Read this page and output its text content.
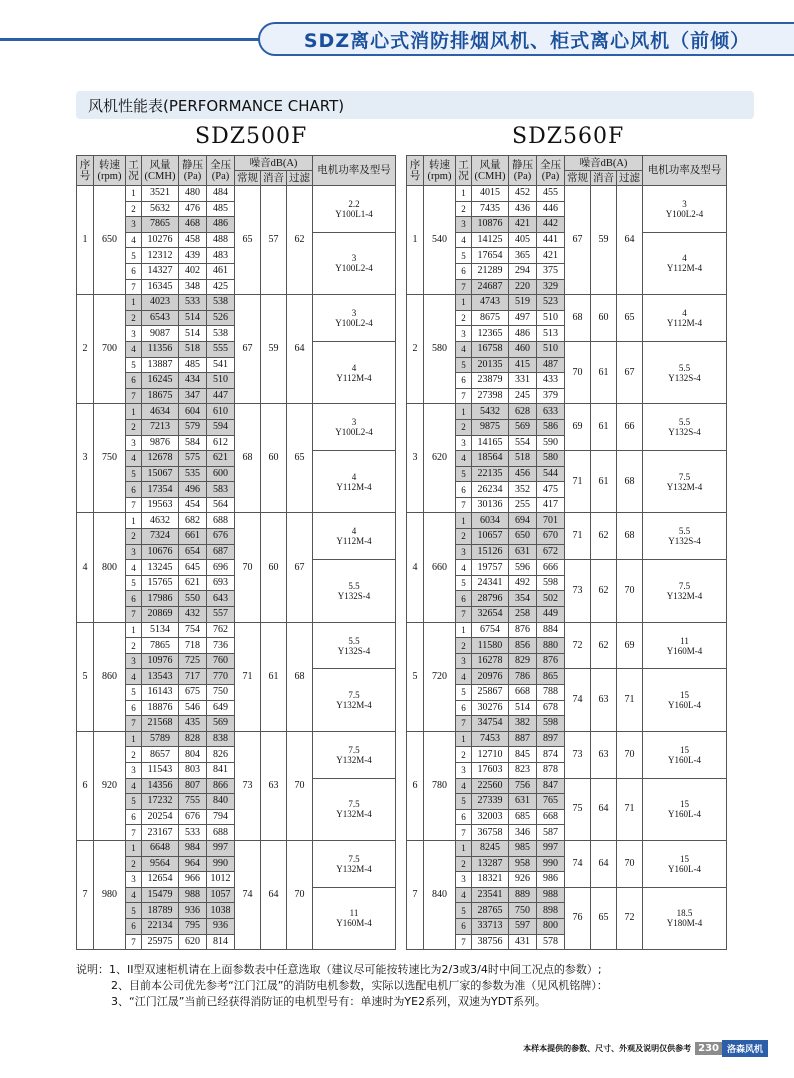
SDZ离心式消防排烟风机、柜式离心风机（前倾）
风机性能表(PERFORMANCE CHART)
SDZ500F	SDZ560F
序号	转速(rpm)	工况	风量(CMH)	静压(Pa)	全压(Pa)	噪音dB(A)			电机功率及型号
						常规	消音	过滤	
1	650	1	3521	480	484	65	57	62	2.2
Y100L1-4
		2	5632	476	485				
		3	7865	468	486				
		4	10276	458	488				3
Y100L2-4
		5	12312	439	483				
		6	14327	402	461				
		7	16345	348	425				
2	700	1	4023	533	538	67	59	64	3
Y100L2-4
		2	6543	514	526				
		3	9087	514	538				
		4	11356	518	555				4
Y112M-4
		5	13887	485	541				
		6	16245	434	510				
		7	18675	347	447				
3	750	1	4634	604	610	68	60	65	3
Y100L2-4
		2	7213	579	594				
		3	9876	584	612				
		4	12678	575	621				4
Y112M-4
		5	15067	535	600				
		6	17354	496	583				
		7	19563	454	564				
4	800	1	4632	682	688	70	60	67	4
Y112M-4
		2	7324	661	676				
		3	10676	654	687				
		4	13245	645	696				5.5
Y132S-4
		5	15765	621	693				
		6	17986	550	643				
		7	20869	432	557				
5	860	1	5134	754	762	71	61	68	5.5
Y132S-4
		2	7865	718	736				
		3	10976	725	760				
		4	13543	717	770				7.5
Y132M-4
		5	16143	675	750				
		6	18876	546	649				
		7	21568	435	569				
6	920	1	5789	828	838	73	63	70	7.5
Y132M-4
		2	8657	804	826				
		3	11543	803	841				
		4	14356	807	866				7.5
Y132M-4
		5	17232	755	840				
		6	20254	676	794				
		7	23167	533	688				
7	980	1	6648	984	997	74	64	70	7.5
Y132M-4
		2	9564	964	990				
		3	12654	966	1012				
		4	15479	988	1057				11
Y160M-4
		5	18789	936	1038				
		6	22134	795	936				
		7	25975	620	814				
序号	转速(rpm)	工况	风量(CMH)	静压(Pa)	全压(Pa)	噪音dB(A)			电机功率及型号
						常规	消音	过滤	
1	540	1	4015	452	455	67	59	64	3
Y100L2-4
		2	7435	436	446				
		3	10876	421	442				
		4	14125	405	441				4
Y112M-4
		5	17654	365	421				
		6	21289	294	375				
		7	24687	220	329				
2	580	1	4743	519	523	68	60	65	4
Y112M-4
		2	8675	497	510				
		3	12365	486	513				
		4	16758	460	510	70	61	67	5.5
Y132S-4
		5	20135	415	487				
		6	23879	331	433				
		7	27398	245	379				
3	620	1	5432	628	633	69	61	66	5.5
Y132S-4
		2	9875	569	586				
		3	14165	554	590				
		4	18564	518	580	71	61	68	7.5
Y132M-4
		5	22135	456	544				
		6	26234	352	475				
		7	30136	255	417				
4	660	1	6034	694	701	71	62	68	5.5
Y132S-4
		2	10657	650	670				
		3	15126	631	672				
		4	19757	596	666	73	62	70	7.5
Y132M-4
		5	24341	492	598				
		6	28796	354	502				
		7	32654	258	449				
5	720	1	6754	876	884	72	62	69	11
Y160M-4
		2	11580	856	880				
		3	16278	829	876				
		4	20976	786	865	74	63	71	15
Y160L-4
		5	25867	668	788				
		6	30276	514	678				
		7	34754	382	598				
6	780	1	7453	887	897	73	63	70	15
Y160L-4
		2	12710	845	874				
		3	17603	823	878				
		4	22560	756	847	75	64	71	15
Y160L-4
		5	27339	631	765				
		6	32003	685	668				
		7	36758	346	587				
7	840	1	8245	985	997	74	64	70	15
Y160L-4
		2	13287	958	990				
		3	18321	926	986				
		4	23541	889	988	76	65	72	18.5
Y180M-4
		5	28765	750	898				
		6	33713	597	800				
		7	38756	431	578				
说明：1、II型双速柜机请在上面参数表中任意选取（建议尽可能按转速比为2/3或3/4时中间工况点的参数）;
2、目前本公司优先参考“江门江晟”的消防电机参数，实际以选配电机厂家的参数为准（见风机铭牌）：
3、“江门江晟”当前已经获得消防证的电机型号有：单速时为YE2系列，双速为YDT系列。
本样本提供的参数、尺寸、外观及说明仅供参考 230 洛森风机
